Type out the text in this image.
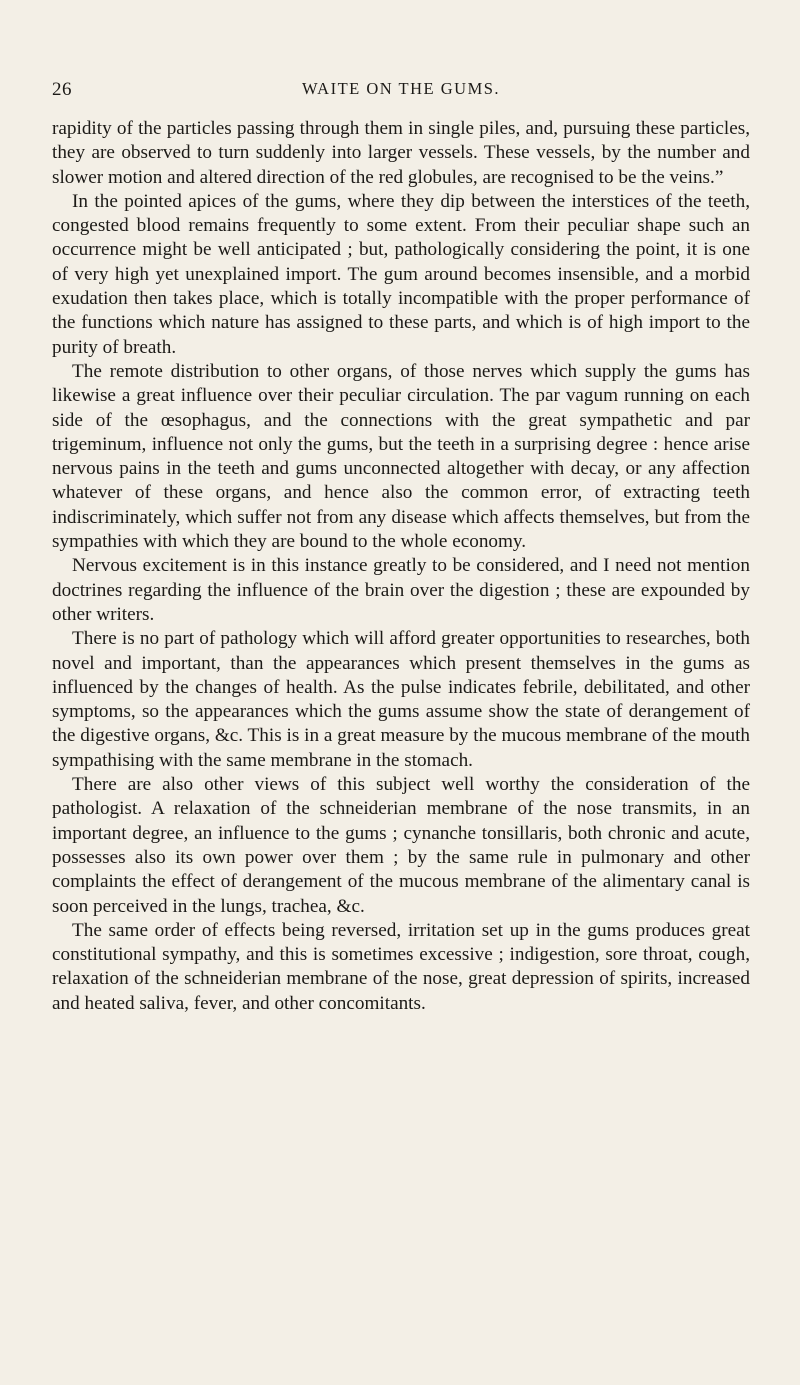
26	WAITE ON THE GUMS.

rapidity of the particles passing through them in single piles, and, pursuing these particles, they are observed to turn suddenly into larger vessels. These vessels, by the number and slower motion and altered direction of the red globules, are recognised to be the veins.”

In the pointed apices of the gums, where they dip between the interstices of the teeth, congested blood remains frequently to some extent. From their peculiar shape such an occurrence might be well anticipated ; but, pathologically considering the point, it is one of very high yet unexplained import. The gum around becomes insensible, and a morbid exudation then takes place, which is totally incompatible with the proper performance of the functions which nature has assigned to these parts, and which is of high import to the purity of breath.

The remote distribution to other organs, of those nerves which supply the gums has likewise a great influence over their peculiar circulation. The par vagum running on each side of the œsophagus, and the connections with the great sympathetic and par trigeminum, influence not only the gums, but the teeth in a surprising degree : hence arise nervous pains in the teeth and gums unconnected altogether with decay, or any affection whatever of these organs, and hence also the common error, of extracting teeth indiscriminately, which suffer not from any disease which affects themselves, but from the sympathies with which they are bound to the whole economy.

Nervous excitement is in this instance greatly to be considered, and I need not mention doctrines regarding the influence of the brain over the digestion ; these are expounded by other writers.

There is no part of pathology which will afford greater opportunities to researches, both novel and important, than the appearances which present themselves in the gums as influenced by the changes of health. As the pulse indicates febrile, debilitated, and other symptoms, so the appearances which the gums assume show the state of derangement of the digestive organs, &c. This is in a great measure by the mucous membrane of the mouth sympathising with the same membrane in the stomach.

There are also other views of this subject well worthy the consideration of the pathologist. A relaxation of the schneiderian membrane of the nose transmits, in an important degree, an influence to the gums ; cynanche tonsillaris, both chronic and acute, possesses also its own power over them ; by the same rule in pulmonary and other complaints the effect of derangement of the mucous membrane of the alimentary canal is soon perceived in the lungs, trachea, &c.

The same order of effects being reversed, irritation set up in the gums produces great constitutional sympathy, and this is sometimes excessive ; indigestion, sore throat, cough, relaxation of the schneiderian membrane of the nose, great depression of spirits, increased and heated saliva, fever, and other concomitants.
